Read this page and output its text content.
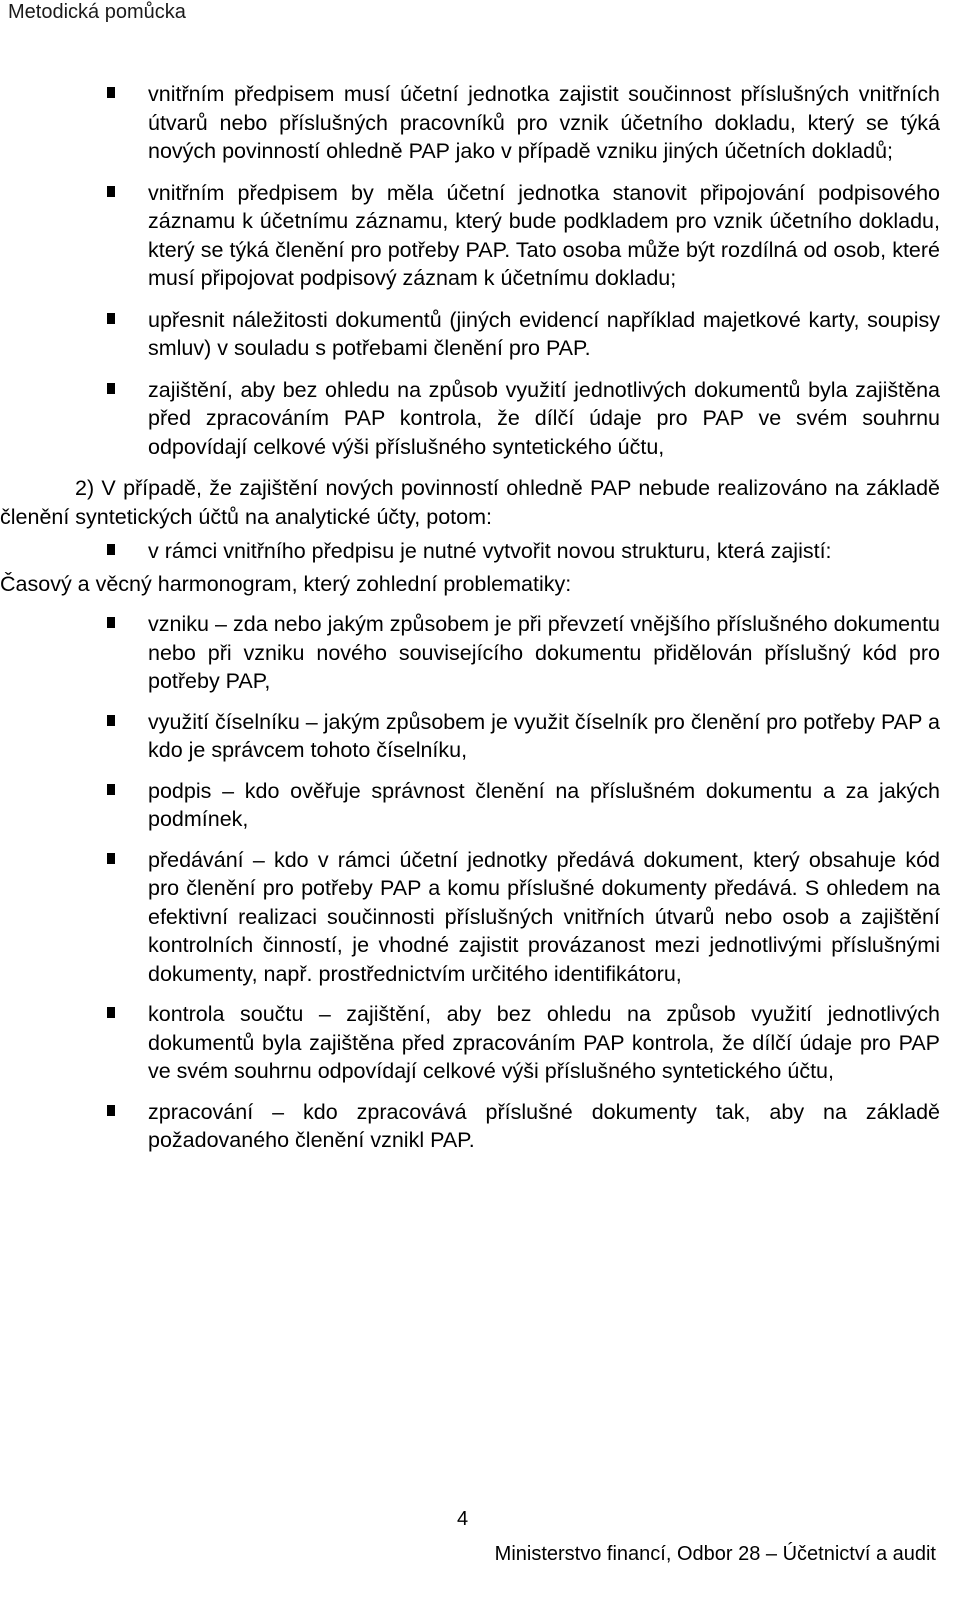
Metodická pomůcka
vnitřním předpisem musí účetní jednotka zajistit součinnost příslušných vnitřních útvarů nebo příslušných pracovníků pro vznik účetního dokladu, který se týká nových povinností ohledně PAP jako v případě vzniku jiných účetních dokladů;
vnitřním předpisem by měla účetní jednotka stanovit připojování podpisového záznamu k účetnímu záznamu, který bude podkladem pro vznik účetního dokladu, který se týká členění pro potřeby PAP. Tato osoba může být rozdílná od osob, které musí připojovat podpisový záznam k účetnímu dokladu;
upřesnit náležitosti dokumentů (jiných evidencí například majetkové karty, soupisy smluv) v souladu s potřebami členění pro PAP.
zajištění, aby bez ohledu na způsob využití jednotlivých dokumentů byla zajištěna před zpracováním PAP kontrola, že dílčí údaje pro PAP ve svém souhrnu odpovídají celkové výši příslušného syntetického účtu,

2) V případě, že zajištění nových povinností ohledně PAP nebude realizováno na základě členění syntetických účtů na analytické účty, potom:

v rámci vnitřního předpisu je nutné vytvořit novou strukturu, která zajistí:

Časový a věcný harmonogram, který zohlední problematiky:

vzniku – zda nebo jakým způsobem je při převzetí vnějšího příslušného dokumentu nebo při vzniku nového souvisejícího dokumentu přidělován příslušný kód pro potřeby PAP,
využití číselníku – jakým způsobem je využit číselník pro členění pro potřeby PAP a kdo je správcem tohoto číselníku,
podpis – kdo ověřuje správnost členění na příslušném dokumentu a za jakých podmínek,
předávání – kdo v rámci účetní jednotky předává dokument, který obsahuje kód pro členění pro potřeby PAP a komu příslušné dokumenty předává. S ohledem na efektivní realizaci součinnosti příslušných vnitřních útvarů nebo osob a zajištění kontrolních činností, je vhodné zajistit provázanost mezi jednotlivými příslušnými dokumenty, např. prostřednictvím určitého identifikátoru,
kontrola součtu – zajištění, aby bez ohledu na způsob využití jednotlivých dokumentů byla zajištěna před zpracováním PAP kontrola, že dílčí údaje pro PAP ve svém souhrnu odpovídají celkové výši příslušného syntetického účtu,
zpracování – kdo zpracovává příslušné dokumenty tak, aby na základě požadovaného členění vznikl PAP.
4
Ministerstvo financí, Odbor 28 – Účetnictví a audit
